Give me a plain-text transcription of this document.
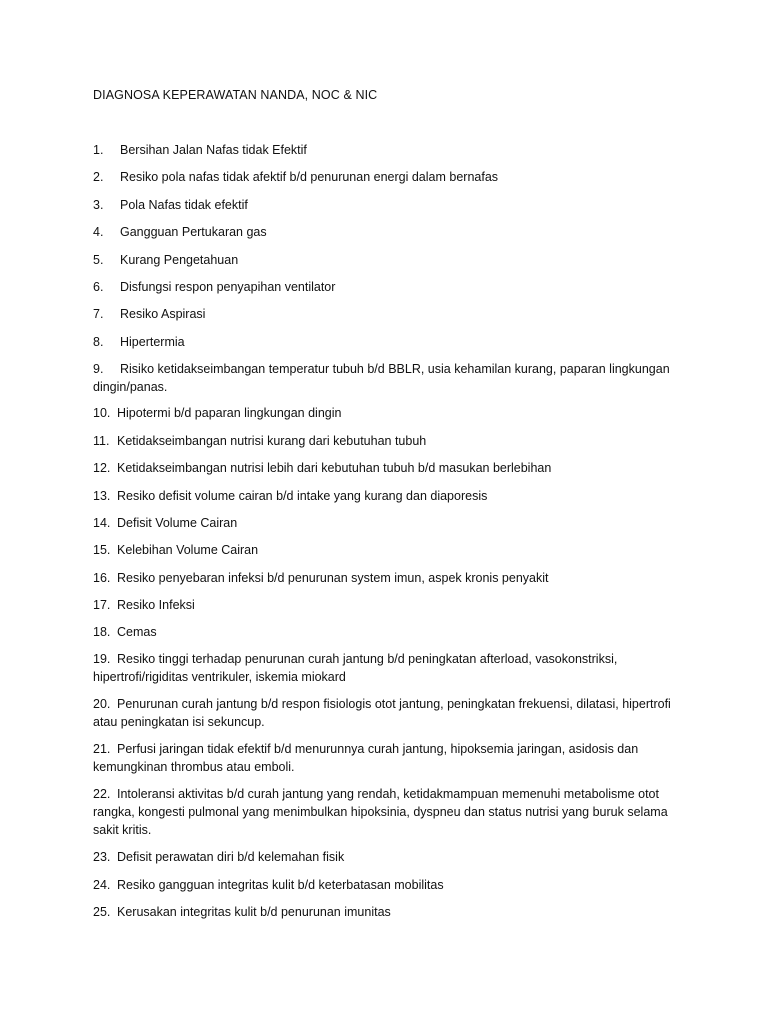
DIAGNOSA KEPERAWATAN NANDA, NOC & NIC
1. Bersihan Jalan Nafas tidak Efektif
2. Resiko pola nafas tidak afektif b/d penurunan energi dalam bernafas
3. Pola Nafas tidak efektif
4. Gangguan Pertukaran gas
5. Kurang Pengetahuan
6. Disfungsi respon penyapihan ventilator
7. Resiko Aspirasi
8. Hipertermia
9. Risiko ketidakseimbangan temperatur tubuh b/d BBLR, usia kehamilan kurang, paparan lingkungan dingin/panas.
10. Hipotermi b/d paparan lingkungan dingin
11. Ketidakseimbangan nutrisi kurang dari kebutuhan tubuh
12. Ketidakseimbangan nutrisi lebih dari kebutuhan tubuh b/d masukan berlebihan
13. Resiko defisit volume cairan b/d intake yang kurang dan diaporesis
14. Defisit Volume Cairan
15. Kelebihan Volume Cairan
16. Resiko penyebaran infeksi b/d penurunan system imun, aspek kronis penyakit
17. Resiko Infeksi
18. Cemas
19. Resiko tinggi terhadap penurunan curah jantung b/d peningkatan afterload, vasokonstriksi, hipertrofi/rigiditas ventrikuler, iskemia miokard
20. Penurunan curah jantung b/d respon fisiologis otot jantung, peningkatan frekuensi, dilatasi, hipertrofi atau peningkatan isi sekuncup.
21. Perfusi jaringan tidak efektif b/d menurunnya curah jantung, hipoksemia jaringan, asidosis dan kemungkinan thrombus atau emboli.
22. Intoleransi aktivitas b/d curah jantung yang rendah, ketidakmampuan memenuhi metabolisme otot rangka, kongesti pulmonal yang menimbulkan hipoksinia, dyspneu dan status nutrisi yang buruk selama sakit kritis.
23. Defisit perawatan diri b/d kelemahan fisik
24. Resiko gangguan integritas kulit b/d keterbatasan mobilitas
25. Kerusakan integritas kulit b/d penurunan imunitas
